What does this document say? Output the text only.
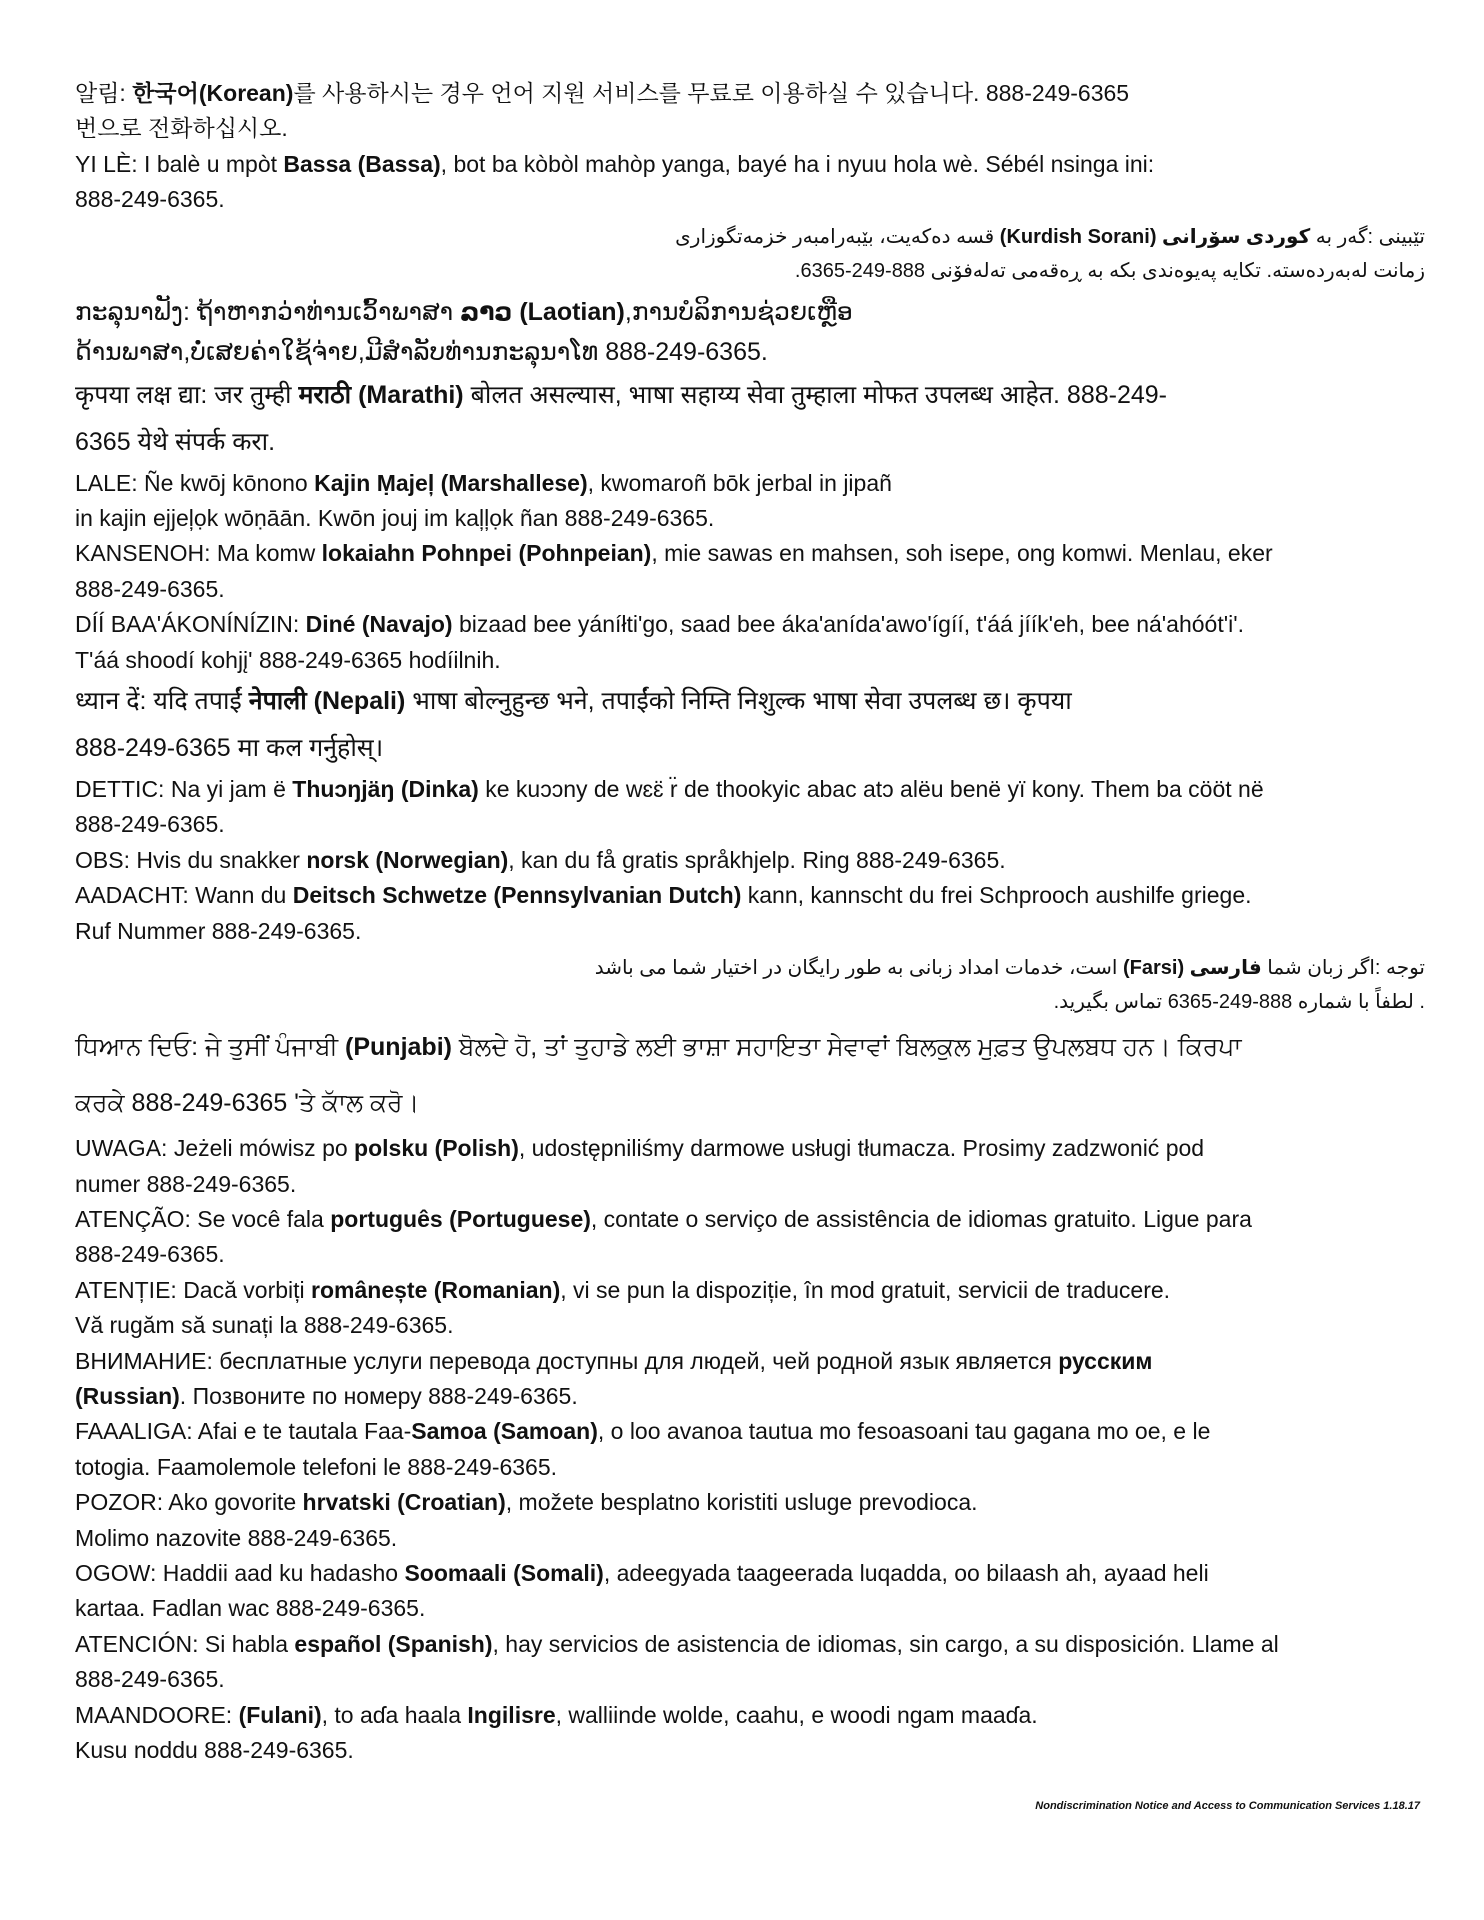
알림: 한국어(Korean)를 사용하시는 경우 언어 지원 서비스를 무료로 이용하실 수 있습니다. 888-249-6365
번으로 전화하십시오.
YI LÈ: I balè u mpòt Bassa (Bassa), bot ba kòbòl mahòp yanga, bayé ha i nyuu hola wè. Sébél nsinga ini:
888-249-6365.
تێبینی :گەر بە کوردی سۆرانی (Kurdish Sorani) قسە دەکەیت، بێبەرامبەر خزمەتگوزاری
زمانت لەبەردەستە. تکایە پەیوەندی بکە بە ڕەقەمی تەلەفۆنی 888-249-6365.
ກະລຸນາຟັງ: ຖ້າຫາກວ່າທ່ານເວົ້າພາສາ ລາວ (Laotian),ການບໍລິການຊ່ວຍເຫຼືອ
ດ້ານພາສາ,ບໍ່ເສຍຄ່າໃຊ້ຈ່າຍ,ມີສຳລັບທ່ານກະລຸນາໂທ 888-249-6365.
कृपया लक्ष द्या: जर तुम्ही मराठी (Marathi) बोलत असल्यास, भाषा सहाय्य सेवा तुम्हाला मोफत उपलब्ध आहेत. 888-249-
6365 येथे संपर्क करा.
LALE: Ñe kwōj kōnono Kajin Ṃajeļ (Marshallese), kwomaroñ bōk jerbal in jipañ
in kajin ejjeļọk wōṇāān. Kwōn jouj im kaļļọk ñan 888-249-6365.
KANSENOH: Ma komw lokaiahn Pohnpei (Pohnpeian), mie sawas en mahsen, soh isepe, ong komwi. Menlau, eker
888-249-6365.
DÍÍ BAA'ÁKONÍNÍZIN: Diné (Navajo) bizaad bee yáníłti'go, saad bee áka'anída'awo'ígíí, t'áá jíík'eh, bee ná'ahóót'i'.
T'áá shoodí kohjį' 888-249-6365 hodíilnih.
ध्यान दें: यदि तपाईं नेपाली (Nepali) भाषा बोल्नुहुन्छ भने, तपाईंको निम्ति निशुल्क भाषा सेवा उपलब्ध छ। कृपया
888-249-6365 मा कल गर्नुहोस्।
DETTIC: Na yi jam ë Thuɔŋjäŋ (Dinka) ke kuɔɔny de wɛɛ̈ r̈ de thookyic abac atɔ alëu benë yï kony. Them ba cööt në
888-249-6365.
OBS: Hvis du snakker norsk (Norwegian), kan du få gratis språkhjelp. Ring 888-249-6365.
AADACHT: Wann du Deitsch Schwetze (Pennsylvanian Dutch) kann, kannscht du frei Schprooch aushilfe griege.
Ruf Nummer 888-249-6365.
توجه :اگر زبان شما فارسی (Farsi) است، خدمات امداد زبانی به طور رایگان در اختیار شما می باشد
. لطفاً با شماره 888-249-6365 تماس بگیرید.
ਧਿਆਨ ਦਿਓ: ਜੇ ਤੁਸੀਂ ਪੰਜਾਬੀ (Punjabi) ਬੋਲਦੇ ਹੋ, ਤਾਂ ਤੁਹਾਡੇ ਲਈ ਭਾਸ਼ਾ ਸਹਾਇਤਾ ਸੇਵਾਵਾਂ ਬਿਲਕੁਲ ਮੁਫ਼ਤ ਉਪਲਬਧ ਹਨ। ਕਿਰਪਾ
ਕਰਕੇ 888-249-6365 'ਤੇ ਕਾੱਲ ਕਰੋ।
UWAGA: Jeżeli mówisz po polsku (Polish), udostępniliśmy darmowe usługi tłumacza. Prosimy zadzwonić pod
numer 888-249-6365.
ATENÇÃO: Se você fala português (Portuguese), contate o serviço de assistência de idiomas gratuito. Ligue para
888-249-6365.
ATENȚIE: Dacă vorbiți românește (Romanian), vi se pun la dispoziție, în mod gratuit, servicii de traducere.
Vă rugăm să sunați la 888-249-6365.
ВНИМАНИЕ: бесплатные услуги перевода доступны для людей, чей родной язык является русским
(Russian). Позвоните по номеру 888-249-6365.
FAAALIGA: Afai e te tautala Faa-Samoa (Samoan), o loo avanoa tautua mo fesoasoani tau gagana mo oe, e le
totogia. Faamolemole telefoni le 888-249-6365.
POZOR: Ako govorite hrvatski (Croatian), možete besplatno koristiti usluge prevodioca.
Molimo nazovite 888-249-6365.
OGOW: Haddii aad ku hadasho Soomaali (Somali), adeegyada taageerada luqadda, oo bilaash ah, ayaad heli
kartaa. Fadlan wac 888-249-6365.
ATENCIÓN: Si habla español (Spanish), hay servicios de asistencia de idiomas, sin cargo, a su disposición. Llame al
888-249-6365.
MAANDOORE: (Fulani), to aɗa haala Ingilisre, walliinde wolde, caahu, e woodi ngam maaɗa.
Kusu noddu 888-249-6365.
Nondiscrimination Notice and Access to Communication Services 1.18.17
